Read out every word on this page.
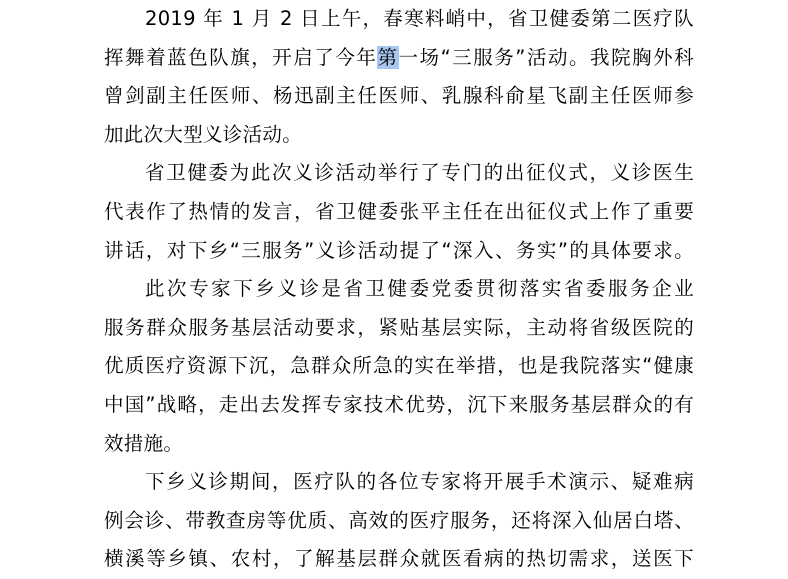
2019 年 1 月 2 日上午，春寒料峭中，省卫健委第二医疗队
挥舞着蓝色队旗，开启了今年第一场“三服务”活动。我院胸外科
曾剑副主任医师、杨迅副主任医师、乳腺科俞星飞副主任医师参
加此次大型义诊活动。
省卫健委为此次义诊活动举行了专门的出征仪式，义诊医生
代表作了热情的发言，省卫健委张平主任在出征仪式上作了重要
讲话，对下乡“三服务”义诊活动提了“深入、务实”的具体要求。
此次专家下乡义诊是省卫健委党委贯彻落实省委服务企业
服务群众服务基层活动要求，紧贴基层实际，主动将省级医院的
优质医疗资源下沉，急群众所急的实在举措，也是我院落实“健康
中国”战略，走出去发挥专家技术优势，沉下来服务基层群众的有
效措施。
下乡义诊期间，医疗队的各位专家将开展手术演示、疑难病
例会诊、带教查房等优质、高效的医疗服务，还将深入仙居白塔、
横溪等乡镇、农村，了解基层群众就医看病的热切需求，送医下
